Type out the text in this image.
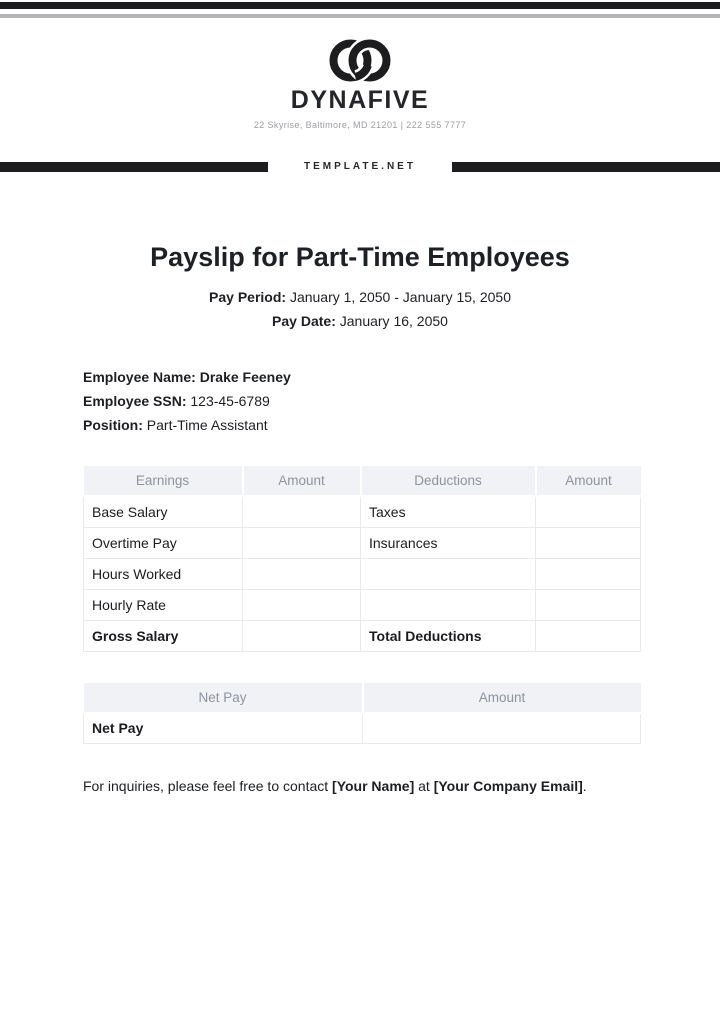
DYNAFIVE
22 Skyrise, Baltimore, MD 21201 | 222 555 7777
TEMPLATE.NET
Payslip for Part-Time Employees
Pay Period: January 1, 2050 - January 15, 2050
Pay Date: January 16, 2050
Employee Name: Drake Feeney
Employee SSN: 123-45-6789
Position: Part-Time Assistant
Earnings	Amount	Deductions	Amount
Base Salary		Taxes	
Overtime Pay		Insurances	
Hours Worked			
Hourly Rate			
Gross Salary		Total Deductions	
Net Pay	Amount
Net Pay	
For inquiries, please feel free to contact [Your Name] at [Your Company Email].
